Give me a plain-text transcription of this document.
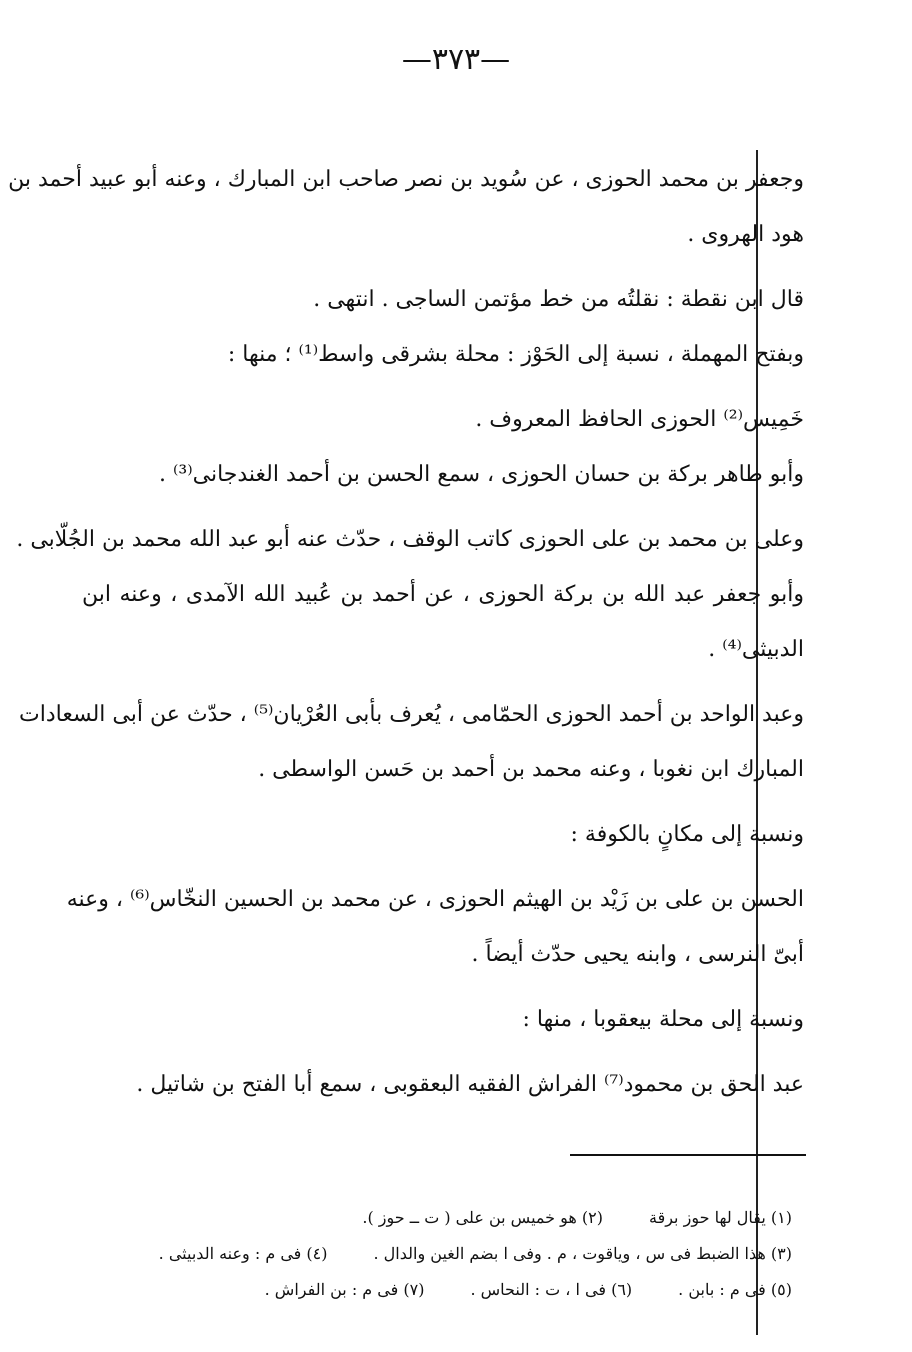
—٣٧٣—
وجعفر بن محمد الحوزى ، عن سُويد بن نصر صاحب ابن المبارك ، وعنه أبو عبيد أحمد بن
هود الهروى .
قال ابن نقطة : نقلتُه من خط مؤتمن الساجى . انتهى .
وبفتح المهملة ، نسبة إلى الحَوْز : محلة بشرقى واسط⁽¹⁾ ؛ منها :
خَمِيس⁽²⁾ الحوزى الحافظ المعروف .
وأبو طاهر بركة بن حسان الحوزى ، سمع الحسن بن أحمد الغندجانى⁽³⁾ .
وعلى بن محمد بن على الحوزى كاتب الوقف ، حدّث عنه أبو عبد الله محمد بن الجُلّابى .
وأبو جعفر عبد الله بن بركة الحوزى ، عن أحمد بن عُبيد الله الآمدى ، وعنه ابن
الدبيثى⁽⁴⁾ .
وعبد الواحد بن أحمد الحوزى الحمّامى ، يُعرف بأبى العُرْيان⁽⁵⁾ ، حدّث عن أبى السعادات
المبارك ابن نغوبا ، وعنه محمد بن أحمد بن حَسن الواسطى .
ونسبة إلى مكانٍ بالكوفة :
الحسن بن على بن زَيْد بن الهيثم الحوزى ، عن محمد بن الحسين النخّاس⁽⁶⁾ ، وعنه
أبىّ النرسى ، وابنه يحيى حدّث أيضاً .
ونسبة إلى محلة بيعقوبا ، منها :
عبد الحق بن محمود⁽⁷⁾ الفراش الفقيه البعقوبى ، سمع أبا الفتح بن شاتيل .
(١) يقال لها حوز برقة
(٢) هو خميس بن على ( ت ــ حوز ).
(٣) هذا الضبط فى س ، وياقوت ، م . وفى ا بضم الغين والدال .
(٤) فى م : وعنه الدبيثى .
(٥) فى م : بابن .
(٦) فى ا ، ت : النحاس .
(٧) فى م : بن الفراش .
